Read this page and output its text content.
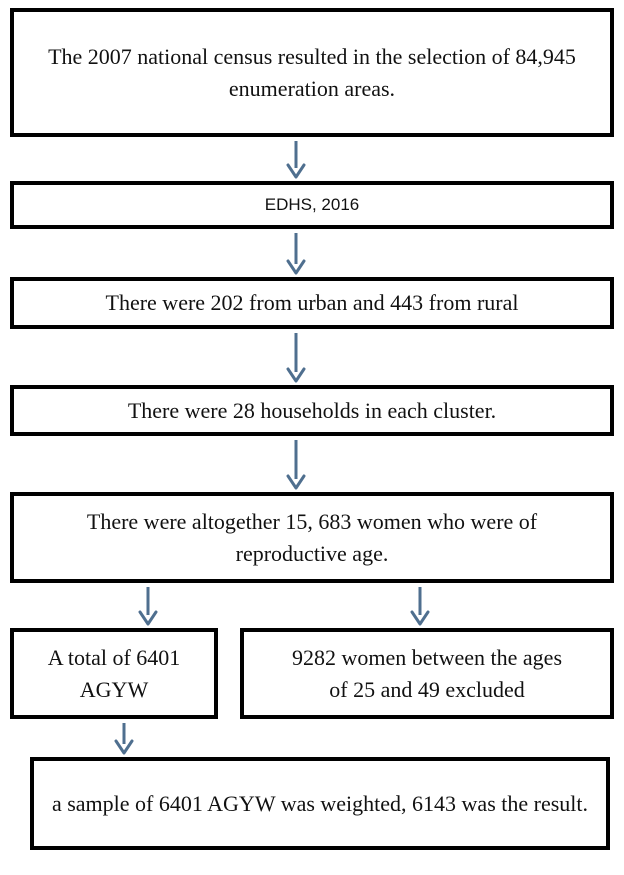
The 2007 national census resulted in the selection of 84,945 enumeration areas.
EDHS, 2016
There were 202 from urban and 443 from rural
There were 28 households in each cluster.
There were altogether 15, 683 women who were of reproductive age.
A total of 6401 AGYW
9282 women between the ages of 25 and 49 excluded
a sample of 6401 AGYW was weighted, 6143 was the result.
